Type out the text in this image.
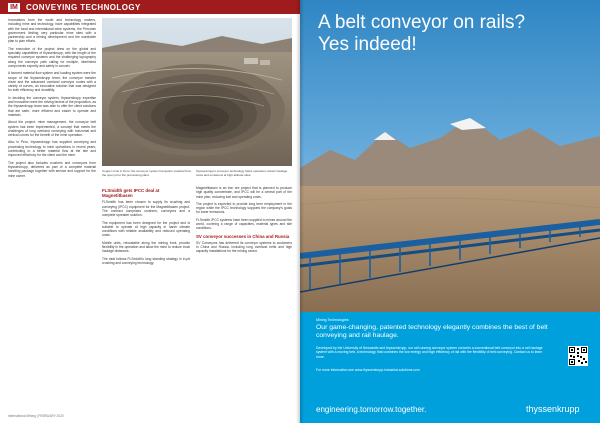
IM CONVEYING TECHNOLOGY

Innovations from the world and technology makers, including mine and technology, have capabilities integrated with the local and international mine systems, the Peruvian government limiting very particular mine sites with a partnership and a mining development and the worldwide plan to plan efforts.

The execution of the project drew on the global and specialty capabilities of thyssenkrupp, with the length of the required conveyor systems and the challenging topography along the conveyor path calling for multiple, interlinked components expertly and safely in concert.

A favored material flow system and loading system were the scope of the thyssenkrupp team; the conveyor transfer chute and the advanced overland conveyor routes with a variety of curves, an innovative solution that was designed for both efficiency and durability.

In deciding the conveyor system, thyssenkrupp expertise and innovation were the driving factors of the proposition, as the thyssenkrupp team was able to offer the client solutions that are safer, more efficient and easier to operate and maintain.

About the project: mine management, the conveyor belt system has been implemented, a concept that meets the challenges of long overland conveying with horizontal and vertical curves for the benefit of the mine operation.

Also in Peru, thyssenkrupp has supplied conveying and processing technology to mine operations in recent years, contributing to a better material flow at the site and improved efficiency for the client and the mine.

The project also includes crushers and conveyors from thyssenkrupp, delivered as part of a complete material handling package together with service and support for the mine owner.

Copper mine in Peru: the conveyor system transports material from the open pit to the processing plant.
thyssenkrupp's conveyor technology helps operators reduce haulage costs and emissions at high altitude sites.
FLSmidth gets IPCC deal at Magnetitbasen

FLSmidth has been chosen to supply its crushing and conveying (IPCC) equipment for the Magnetitbasen project. The contract comprises crushers, conveyors and a complete spreader solution.

The equipment has been designed for the project and is suitable to operate at high capacity in harsh climate conditions with reliable availability and reduced operating costs.

Mobile units, relocatable along the mining front, provide flexibility in the operation and allow the mine to reduce truck haulage distances.

The deal follows FLSmidth's long standing strategy in in-pit crushing and conveying technology.

Magnetitbasen is an iron ore project that is planned to produce high quality concentrate, and IPCC will be a central part of the mine plan, reducing fuel and operating costs.

The project is expected to provide long term employment in the region while the IPCC technology supports the company's goals for lower emissions.

FLSmidth IPCC systems have been supplied to mines around the world, covering a range of capacities, material types and site conditions.

SV conveyor successes in China and Russia

SV Conveyors has delivered its conveyor systems to customers in China and Russia, including long overland belts and high capacity installations for the mining sector.

International Mining | FEBRUARY 2020
A belt conveyor on rails?
Yes indeed!
Mining Technologies
Our game-changing, patented technology elegantly combines the best of belt conveying and rail haulage.
Developed by the University of Newcastle and thyssenkrupp, our rail running conveyor system converts a conventional belt conveyor into a rail haulage system with a moving belt, a technology that combines the low energy and high efficiency of rail with the flexibility of belt conveying. Contact us to learn more.
For more information see www.thyssenkrupp-industrial-solutions.com
engineering.tomorrow.together.	thyssenkrupp
